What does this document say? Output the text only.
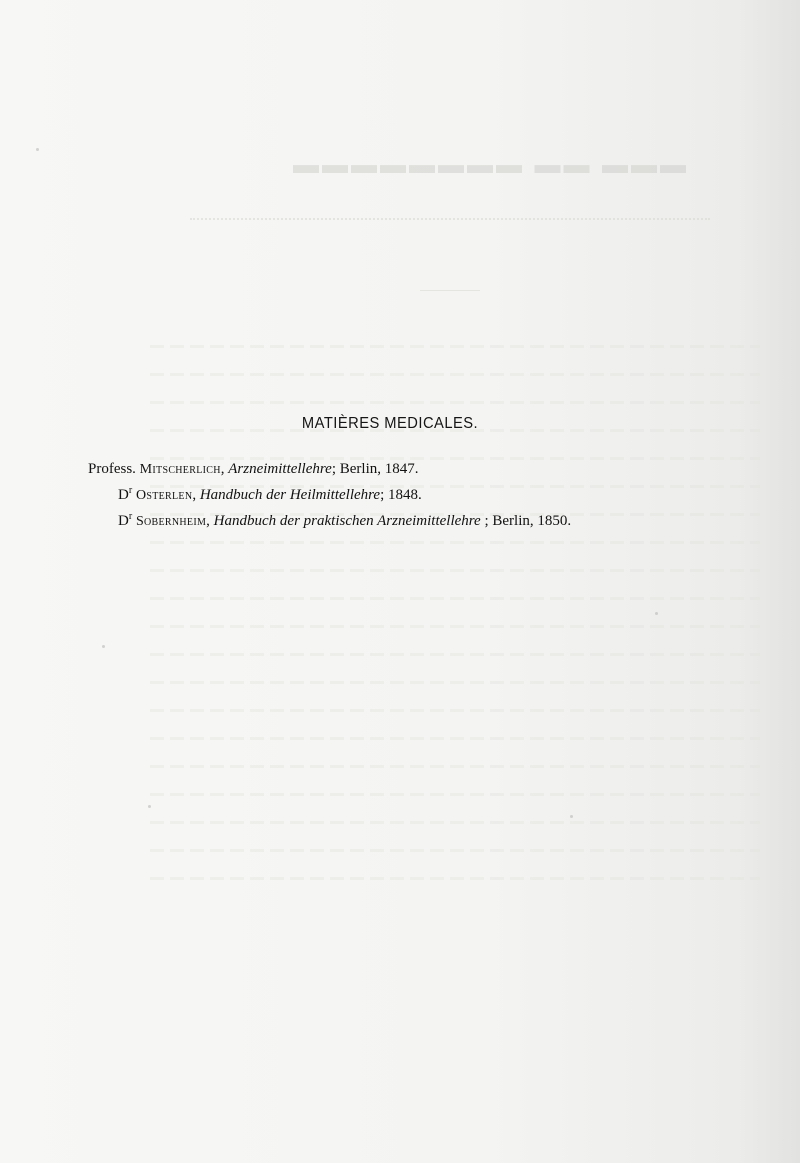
▬▬▬ ▬▬ ▬▬▬▬▬▬▬▬
MATIÈRES MEDICALES.
Profess. Mitscherlich, Arzneimittellehre; Berlin, 1847.
$D^r$ Osterlen, Handbuch der Heilmittellehre; 1848.
$D^r$ Sobernheim, Handbuch der praktischen Arzneimittellehre ; Berlin, 1850.
